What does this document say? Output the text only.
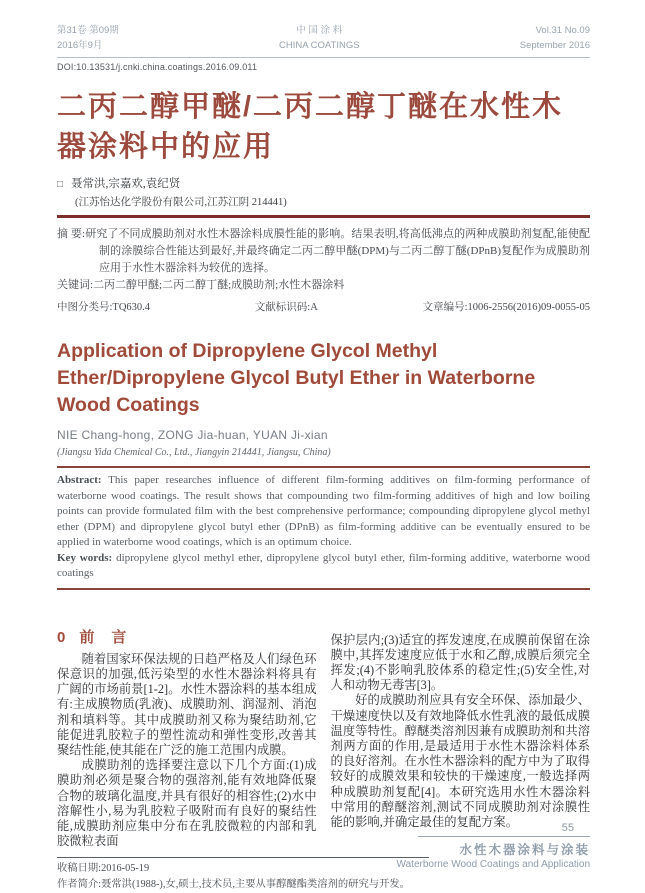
第31卷 第09期
2016年9月
中 国 涂 料
CHINA COATINGS
Vol.31 No.09
September 2016
DOI:10.13531/j.cnki.china.coatings.2016.09.011
二丙二醇甲醚/二丙二醇丁醚在水性木器涂料中的应用
□ 聂常洪,宗嘉欢,袁纪贤
(江苏怡达化学股份有限公司,江苏江阴 214441)

摘 要:研究了不同成膜助剂对水性木器涂料成膜性能的影响。结果表明,将高低沸点的两种成膜助剂复配,能使配制的涂膜综合性能达到最好,并最终确定二丙二醇甲醚(DPM)与二丙二醇丁醚(DPnB)复配作为成膜助剂应用于水性木器涂料为较优的选择。

关键词:二丙二醇甲醚;二丙二醇丁醚;成膜助剂;水性木器涂料

中图分类号:TQ630.4	文献标识码:A	文章编号:1006-2556(2016)09-0055-05
Application of Dipropylene Glycol Methyl Ether/Dipropylene Glycol Butyl Ether in Waterborne Wood Coatings
NIE Chang-hong, ZONG Jia-huan, YUAN Ji-xian
(Jiangsu Yida Chemical Co., Ltd., Jiangyin 214441, Jiangsu, China)

Abstract: This paper researches influence of different film-forming additives on film-forming performance of waterborne wood coatings. The result shows that compounding two film-forming additives of high and low boiling points can provide formulated film with the best comprehensive performance; compounding dipropylene glycol methyl ether (DPM) and dipropylene glycol butyl ether (DPnB) as film-forming additive can be eventually ensured to be applied in waterborne wood coatings, which is an optimum choice.

Key words: dipropylene glycol methyl ether, dipropylene glycol butyl ether, film-forming additive, waterborne wood coatings

0 前　言

随着国家环保法规的日趋严格及人们绿色环保意识的加强,低污染型的水性木器涂料将具有广阔的市场前景[1-2]。水性木器涂料的基本组成有:主成膜物质(乳液)、成膜助剂、润湿剂、消泡剂和填料等。其中成膜助剂又称为聚结助剂,它能促进乳胶粒子的塑性流动和弹性变形,改善其聚结性能,使其能在广泛的施工范围内成膜。

成膜助剂的选择要注意以下几个方面:(1)成膜助剂必须是聚合物的强溶剂,能有效地降低聚合物的玻璃化温度,并具有很好的相容性;(2)水中溶解性小,易为乳胶粒子吸附而有良好的聚结性能,成膜助剂应集中分布在乳胶微粒的内部和乳胶微粒表面

保护层内;(3)适宜的挥发速度,在成膜前保留在涂膜中,其挥发速度应低于水和乙醇,成膜后须完全挥发;(4)不影响乳胶体系的稳定性;(5)安全性,对人和动物无毒害[3]。

好的成膜助剂应具有安全环保、添加最少、干燥速度快以及有效地降低水性乳液的最低成膜温度等特性。醇醚类溶剂因兼有成膜助剂和共溶剂两方面的作用,是最适用于水性木器涂料体系的良好溶剂。在水性木器涂料的配方中为了取得较好的成膜效果和较快的干燥速度,一般选择两种成膜助剂复配[4]。本研究选用水性木器涂料中常用的醇醚溶剂,测试不同成膜助剂对涂膜性能的影响,并确定最佳的复配方案。

收稿日期:2016-05-19

作者简介:聂常洪(1988-),女,硕士,技术员,主要从事醇醚酯类溶剂的研究与开发。

55
水性木器涂料与涂装
Waterborne Wood Coatings and Application
